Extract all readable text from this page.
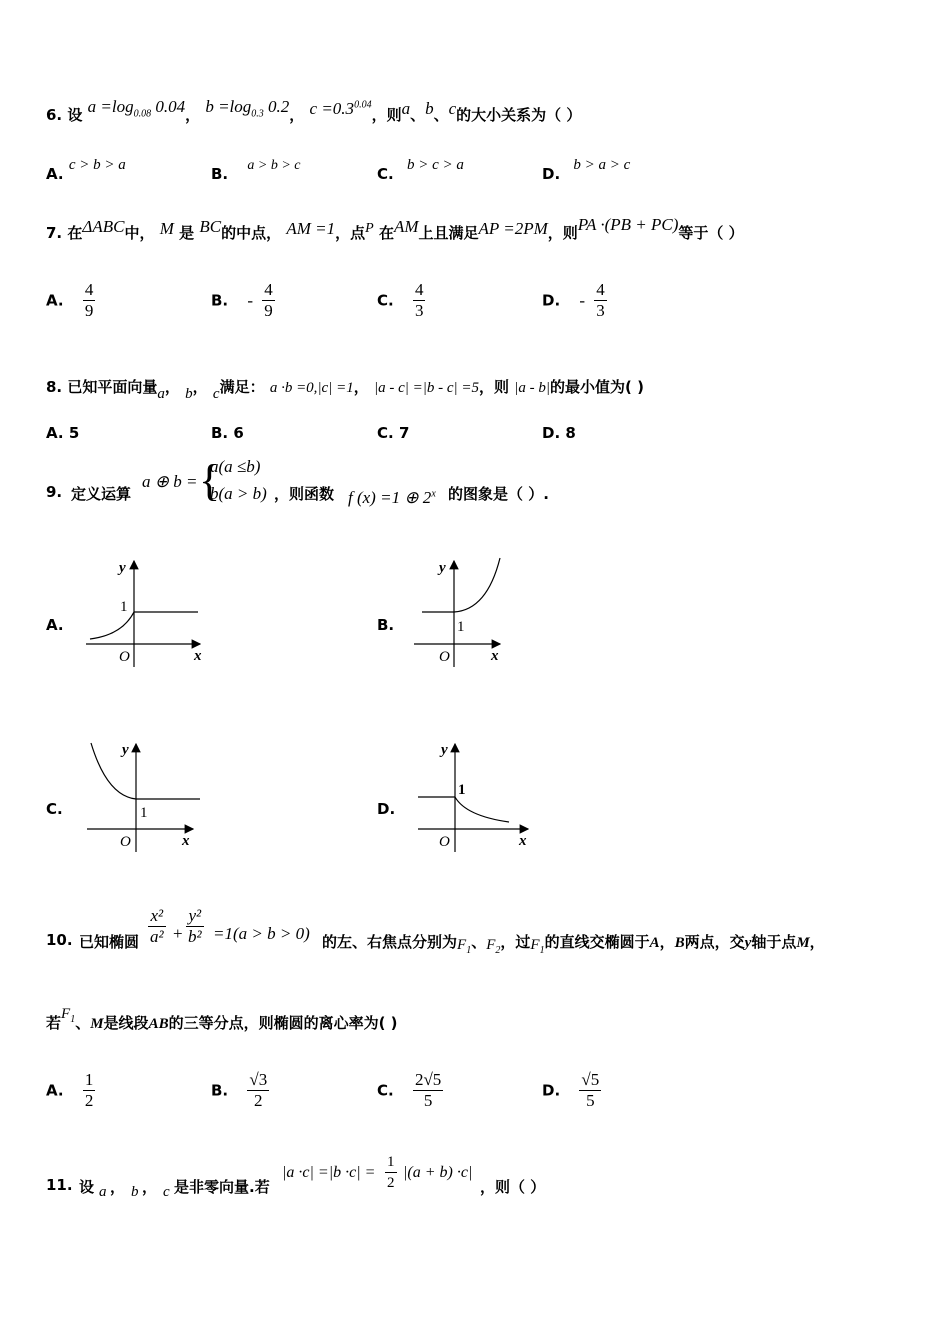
6. 设 $a =\log_{0.08}$ 0.04， $b =\log_{0.3}$ 0.2， $c =0.3^{0.04}$，则a、b、c的大小关系为（ ）
A. c > b > a	B. a > b > c	C. b > c > a	D. b > a > c
7. 在ΔABC中， M 是 BC的中点， AM =1，点P 在AM上且满足AP =2PM，则PA ·(PB + PC)等于（ ）
A. $\frac{4}{9}$	B. - $\frac{4}{9}$	C. $\frac{4}{3}$	D. - $\frac{4}{3}$
8. 已知平面向量a， b， c满足： a ·b =0,|c| =1， |a - c| =|b - c| =5，则 |a - b|的最小值为( )
A. 5	B. 6	C. 7	D. 8
9. 定义运算
a ⊕ b = {
a(a ≤b)
b(a > b) ，则函数 f (x) =1 ⊕ 2$^x$ 的图象是（ ）.
A.	B.
C.	D.
y
x
O
1
y
x
O
1
y
x
O
1
y
x
O
1
10. 已知椭圆 $\frac{\text{x²}}{\text{a²}} + \frac{\text{y²}}{\text{b²}} =1(a > b > 0)$ 的左、右焦点分别为$F_1$、$F_2$，过$F_1$的直线交椭圆于A，B两点，交y轴于点M，
若$F_1$、M是线段AB的三等分点，则椭圆的离心率为( )
A. $\frac{1}{2}$	B. $\frac{√3}{2}$	C. $\frac{2√5}{5}$	D. $\frac{√5}{5}$
11. 设 a ， b ， c 是非零向量.若
$|a \cdot c| =|b \cdot c| = \frac{1}{2} |(a + b) \cdot c|$
，则（ ）
